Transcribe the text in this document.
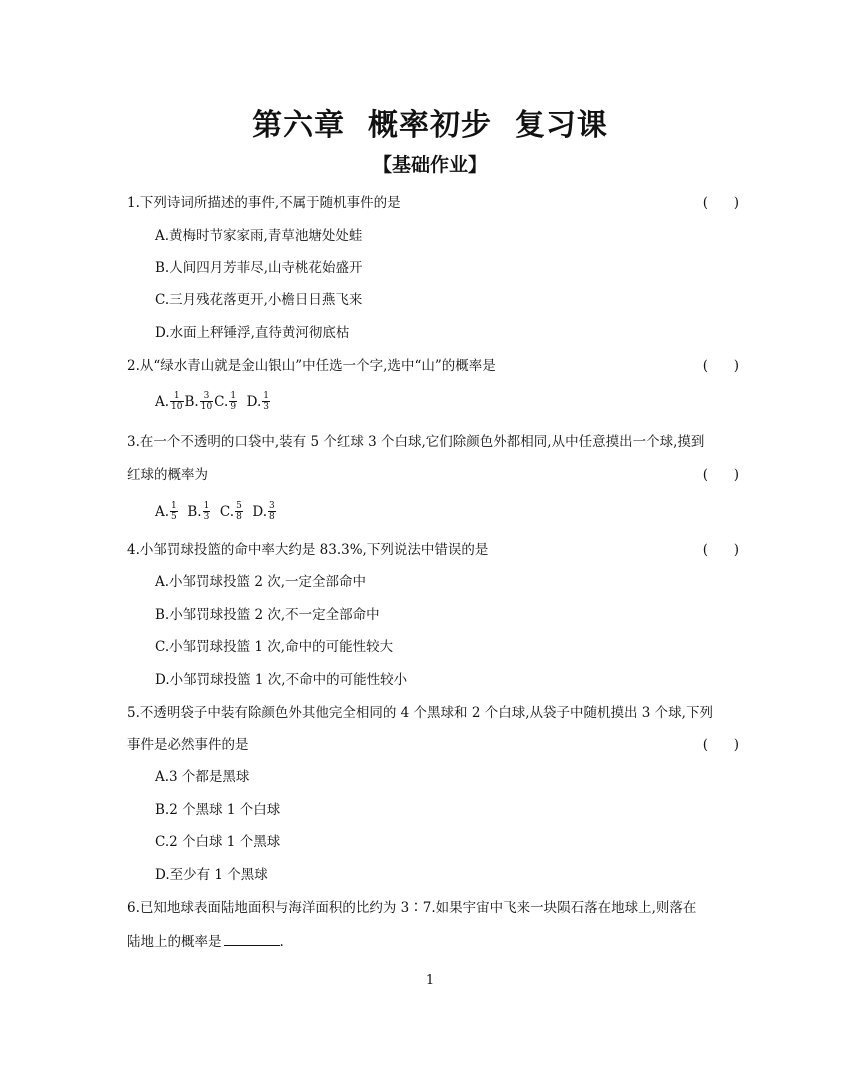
第六章  概率初步  复习课
【基础作业】
1.下列诗词所描述的事件,不属于随机事件的是	(      )
A.黄梅时节家家雨,青草池塘处处蛙
B.人间四月芳菲尽,山寺桃花始盛开
C.三月残花落更开,小檐日日燕飞来
D.水面上秤锤浮,直待黄河彻底枯
2.从“绿水青山就是金山银山”中任选一个字,选中“山”的概率是	(      )
A. $\frac{1}{10} B$. $\frac{3}{10} C$. $\frac{1}{9} D$. $\frac{1}{3}$
3.在一个不透明的口袋中,装有 5 个红球 3 个白球,它们除颜色外都相同,从中任意摸出一个球,摸到
红球的概率为	(      )
A. $\frac{1}{5} B$. $\frac{1}{3} C$. $\frac{5}{8} D$. $\frac{3}{8}$
4.小邹罚球投篮的命中率大约是 83.3%,下列说法中错误的是	(      )
A.小邹罚球投篮 2 次,一定全部命中
B.小邹罚球投篮 2 次,不一定全部命中
C.小邹罚球投篮 1 次,命中的可能性较大
D.小邹罚球投篮 1 次,不命中的可能性较小
5.不透明袋子中装有除颜色外其他完全相同的 4 个黑球和 2 个白球,从袋子中随机摸出 3 个球,下列
事件是必然事件的是	(      )
A.3 个都是黑球
B.2 个黑球 1 个白球
C.2 个白球 1 个黑球
D.至少有 1 个黑球
6.已知地球表面陆地面积与海洋面积的比约为 3∶7.如果宇宙中飞来一块陨石落在地球上,则落在
陆地上的概率是	.
1
